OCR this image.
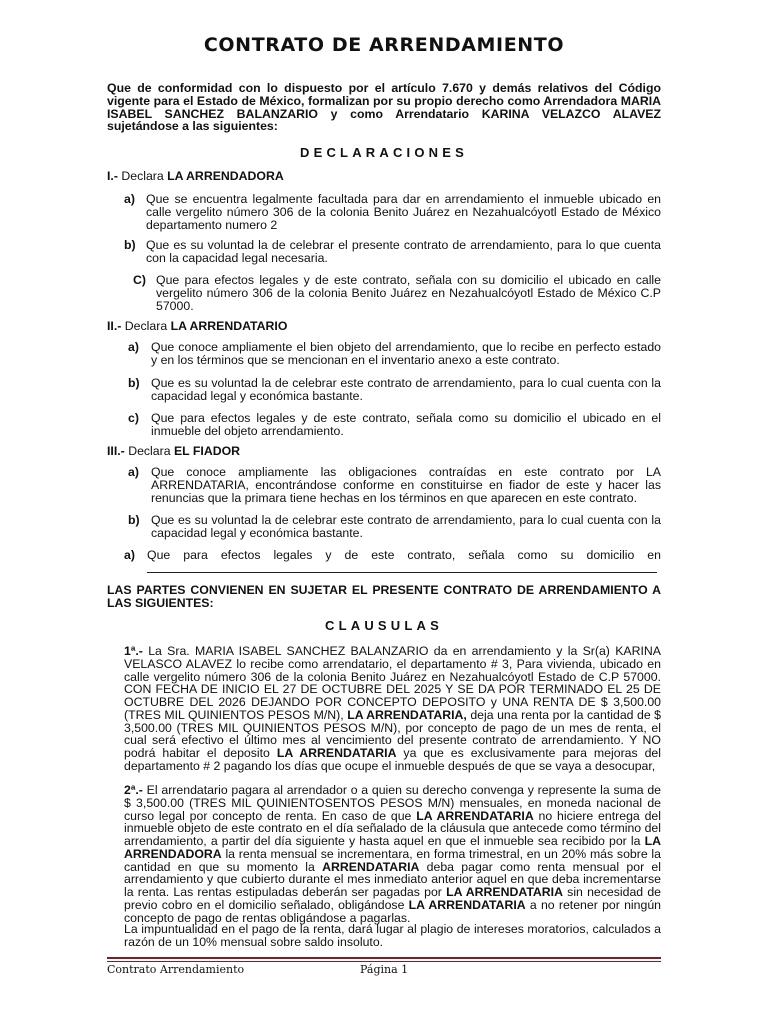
CONTRATO DE ARRENDAMIENTO
Que de conformidad con lo dispuesto por el artículo 7.670 y demás relativos del Código vigente para el Estado de México, formalizan por su propio derecho como Arrendadora MARIA ISABEL SANCHEZ BALANZARIO y como Arrendatario KARINA VELAZCO ALAVEZ sujetándose a las siguientes:
DECLARACIONES
I.- Declara LA ARRENDADORA
a) Que se encuentra legalmente facultada para dar en arrendamiento el inmueble ubicado en calle vergelito número 306 de la colonia Benito Juárez en Nezahualcóyotl Estado de México departamento numero 2
b) Que es su voluntad la de celebrar el presente contrato de arrendamiento, para lo que cuenta con la capacidad legal necesaria.
C) Que para efectos legales y de este contrato, señala con su domicilio el ubicado en calle vergelito número 306 de la colonia Benito Juárez en Nezahualcóyotl Estado de México C.P 57000.
II.- Declara LA ARRENDATARIO
a) Que conoce ampliamente el bien objeto del arrendamiento, que lo recibe en perfecto estado y en los términos que se mencionan en el inventario anexo a este contrato.
b) Que es su voluntad la de celebrar este contrato de arrendamiento, para lo cual cuenta con la capacidad legal y económica bastante.
c) Que para efectos legales y de este contrato, señala como su domicilio el ubicado en el inmueble del objeto arrendamiento.
III.- Declara EL FIADOR
a) Que conoce ampliamente las obligaciones contraídas en este contrato por LA ARRENDATARIA, encontrándose conforme en constituirse en fiador de este y hacer las renuncias que la primara tiene hechas en los términos en que aparecen en este contrato.
b) Que es su voluntad la de celebrar este contrato de arrendamiento, para lo cual cuenta con la capacidad legal y económica bastante.
a) Que para efectos legales y de este contrato, señala como su domicilio en
LAS PARTES CONVIENEN EN SUJETAR EL PRESENTE CONTRATO DE ARRENDAMIENTO A LAS SIGUIENTES:
CLAUSULAS
1ª.- La Sra. MARIA ISABEL SANCHEZ BALANZARIO da en arrendamiento y la Sr(a) KARINA VELASCO ALAVEZ lo recibe como arrendatario, el departamento # 3, Para vivienda, ubicado en calle vergelito número 306 de la colonia Benito Juárez en Nezahualcóyotl Estado de C.P 57000. CON FECHA DE INICIO EL 27 DE OCTUBRE DEL 2025 Y SE DA POR TERMINADO EL 25 DE OCTUBRE DEL 2026 DEJANDO POR CONCEPTO DEPOSITO y UNA RENTA DE $ 3,500.00 (TRES MIL QUINIENTOS PESOS M/N), LA ARRENDATARIA, deja una renta por la cantidad de $ 3,500.00 (TRES MIL QUINIENTOS PESOS M/N), por concepto de pago de un mes de renta, el cual será efectivo el último mes al vencimiento del presente contrato de arrendamiento. Y NO podrá habitar el deposito LA ARRENDATARIA ya que es exclusivamente para mejoras del departamento # 2 pagando los días que ocupe el inmueble después de que se vaya a desocupar,
2ª.- El arrendatario pagara al arrendador o a quien su derecho convenga y represente la suma de $ 3,500.00 (TRES MIL QUINIENTOSENTOS PESOS M/N) mensuales, en moneda nacional de curso legal por concepto de renta. En caso de que LA ARRENDATARIA no hiciere entrega del inmueble objeto de este contrato en el día señalado de la cláusula que antecede como término del arrendamiento, a partir del día siguiente y hasta aquel en que el inmueble sea recibido por la LA ARRENDADORA la renta mensual se incrementara, en forma trimestral, en un 20% más sobre la cantidad en que su momento la ARRENDATARIA deba pagar como renta mensual por el arrendamiento y que cubierto durante el mes inmediato anterior aquel en que deba incrementarse la renta. Las rentas estipuladas deberán ser pagadas por LA ARRENDATARIA sin necesidad de previo cobro en el domicilio señalado, obligándose LA ARRENDATARIA a no retener por ningún concepto de pago de rentas obligándose a pagarlas.
La impuntualidad en el pago de la renta, dará lugar al plagio de intereses moratorios, calculados a razón de un 10% mensual sobre saldo insoluto.
Contrato Arrendamiento	Página 1
